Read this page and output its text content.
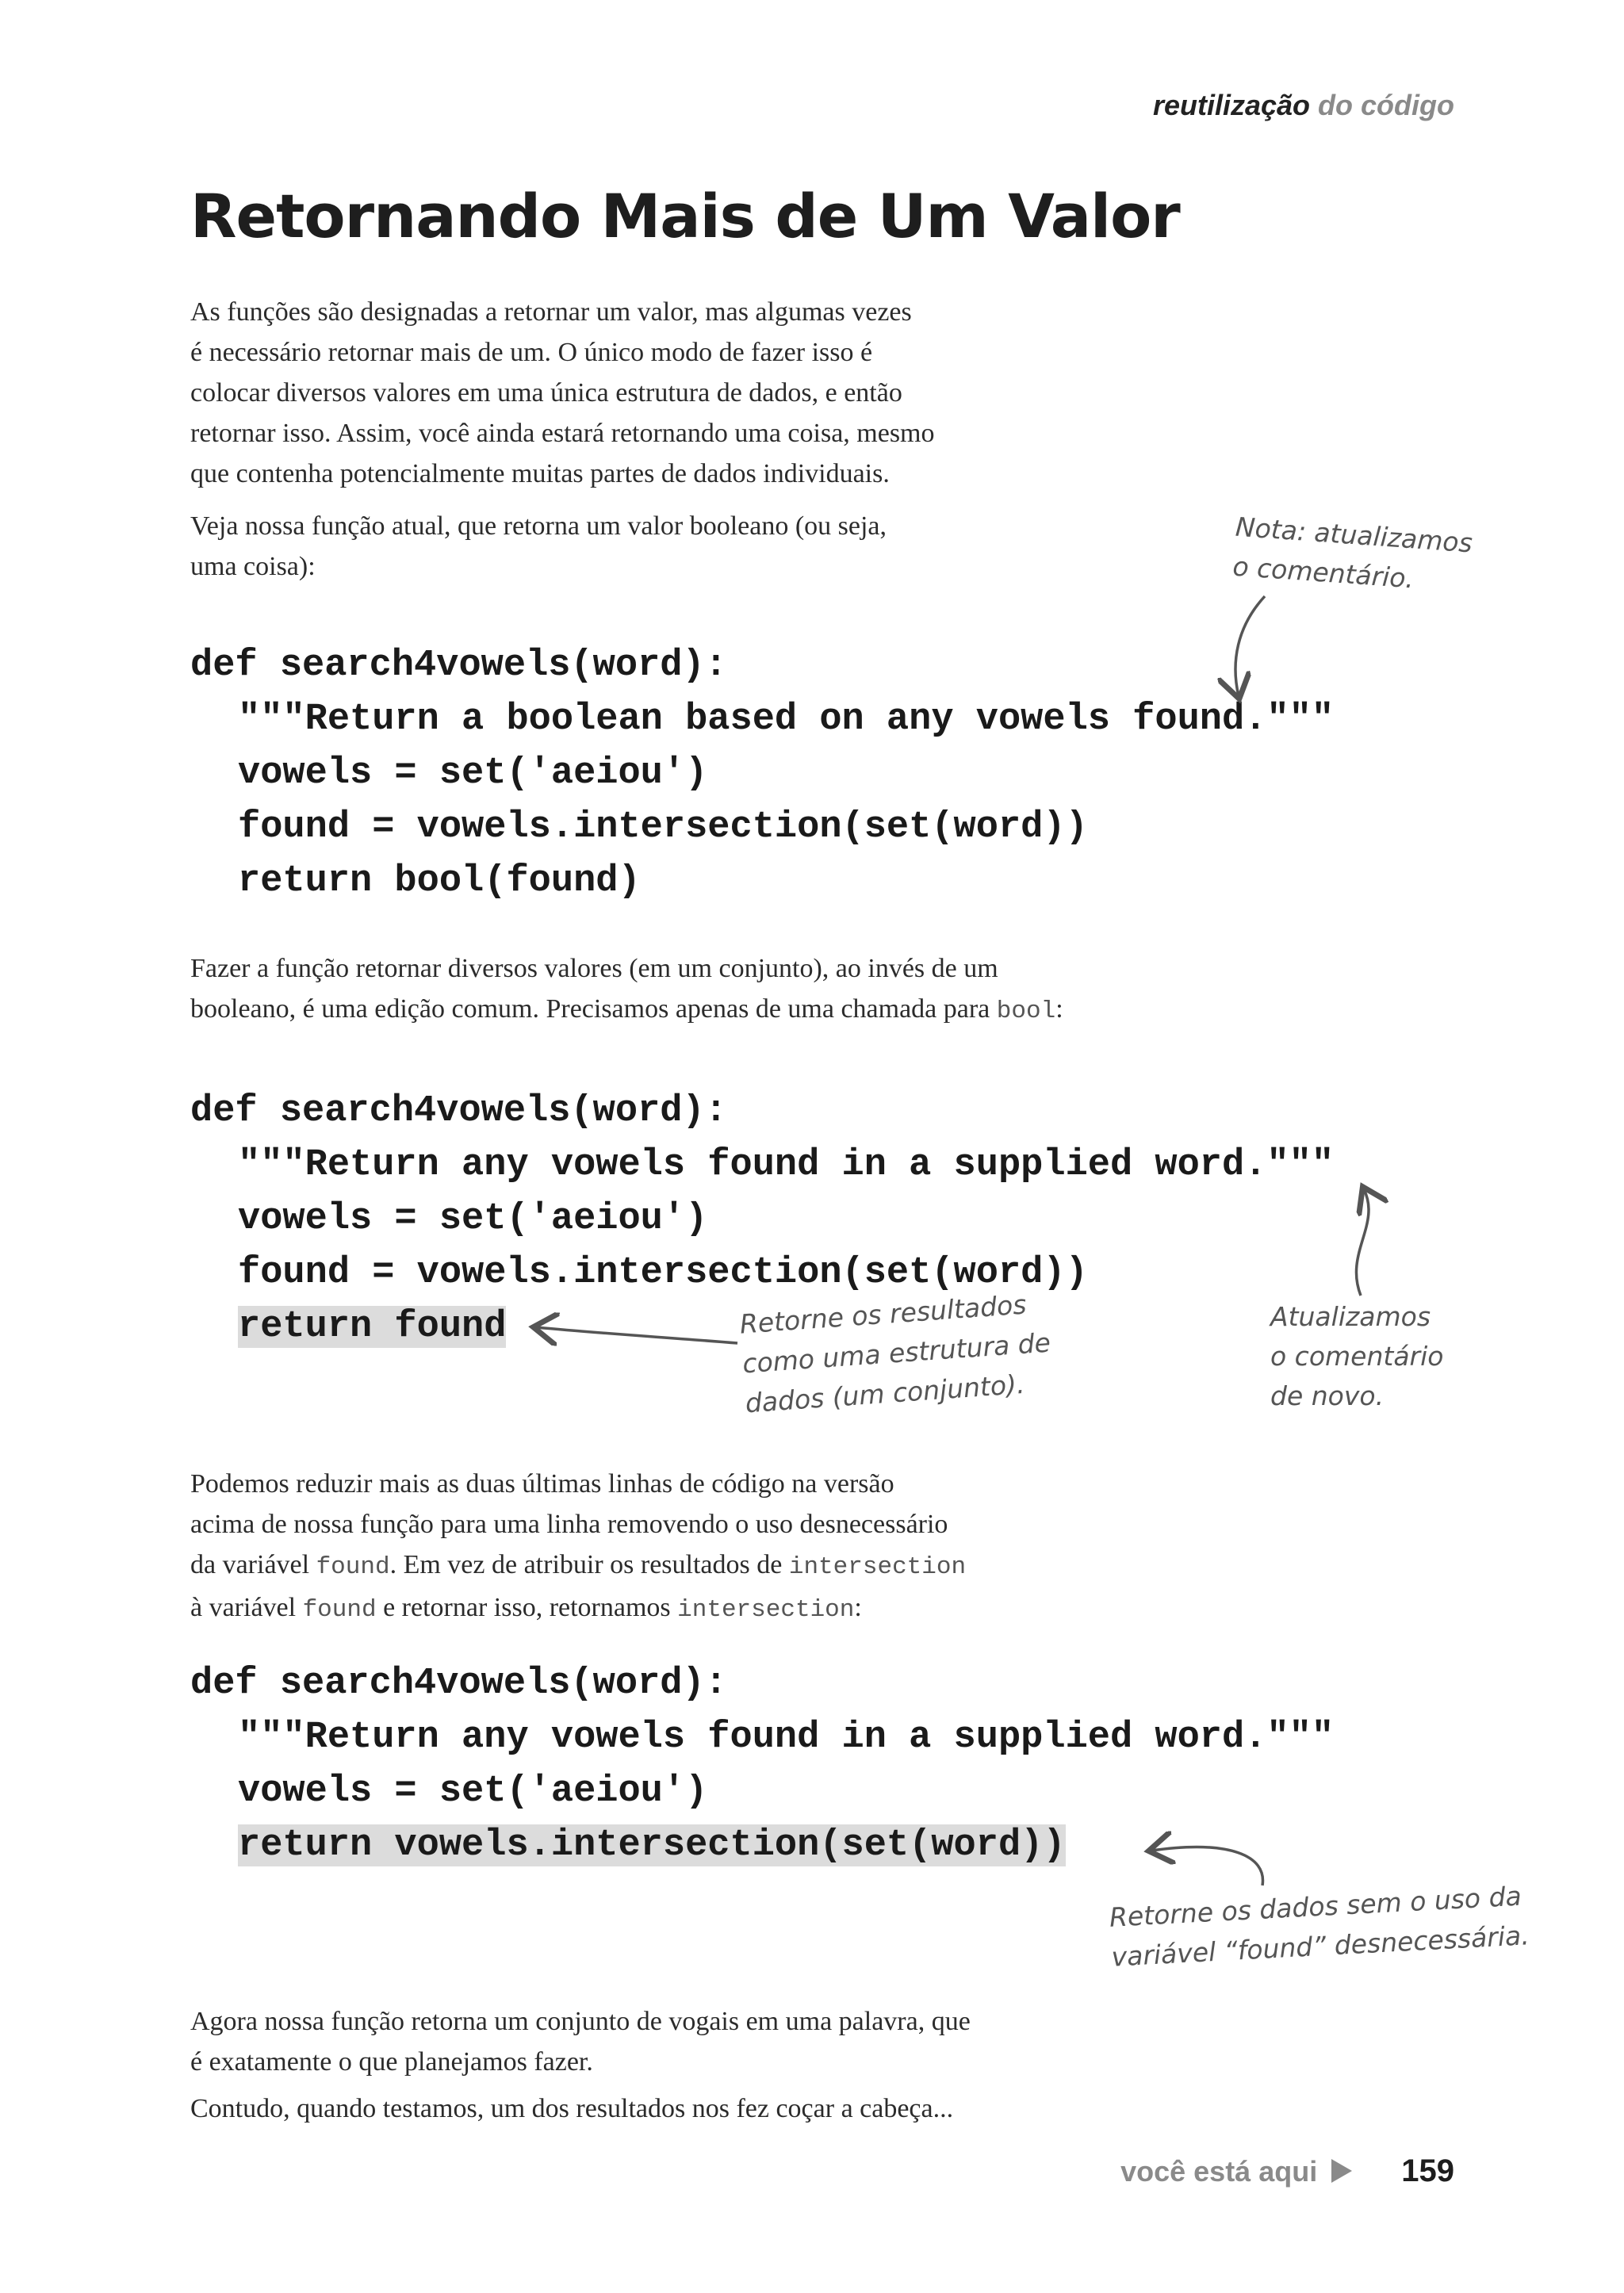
reutilização do código
Retornando Mais de Um Valor

As funções são designadas a retornar um valor, mas algumas vezes
é necessário retornar mais de um. O único modo de fazer isso é
colocar diversos valores em uma única estrutura de dados, e então
retornar isso. Assim, você ainda estará retornando uma coisa, mesmo
que contenha potencialmente muitas partes de dados individuais.

Veja nossa função atual, que retorna um valor booleano (ou seja,
uma coisa):

Nota: atualizamos
o comentário.
def search4vowels(word):
"""Return a boolean based on any vowels found."""
vowels = set('aeiou')
found = vowels.intersection(set(word))
return bool(found)

Fazer a função retornar diversos valores (em um conjunto), ao invés de um
booleano, é uma edição comum. Precisamos apenas de uma chamada para bool:

def search4vowels(word):
"""Return any vowels found in a supplied word."""
vowels = set('aeiou')
found = vowels.intersection(set(word))
return found	Retorne os resultados
como uma estrutura de
dados (um conjunto).
Atualizamos
o comentário
de novo.

Podemos reduzir mais as duas últimas linhas de código na versão
acima de nossa função para uma linha removendo o uso desnecessário
da variável found. Em vez de atribuir os resultados de intersection
à variável found e retornar isso, retornamos intersection:

def search4vowels(word):
"""Return any vowels found in a supplied word."""
vowels = set('aeiou')
return vowels.intersection(set(word))
Retorne os dados sem o uso da
variável “found” desnecessária.

Agora nossa função retorna um conjunto de vogais em uma palavra, que
é exatamente o que planejamos fazer.

Contudo, quando testamos, um dos resultados nos fez coçar a cabeça...

você está aqui	159
